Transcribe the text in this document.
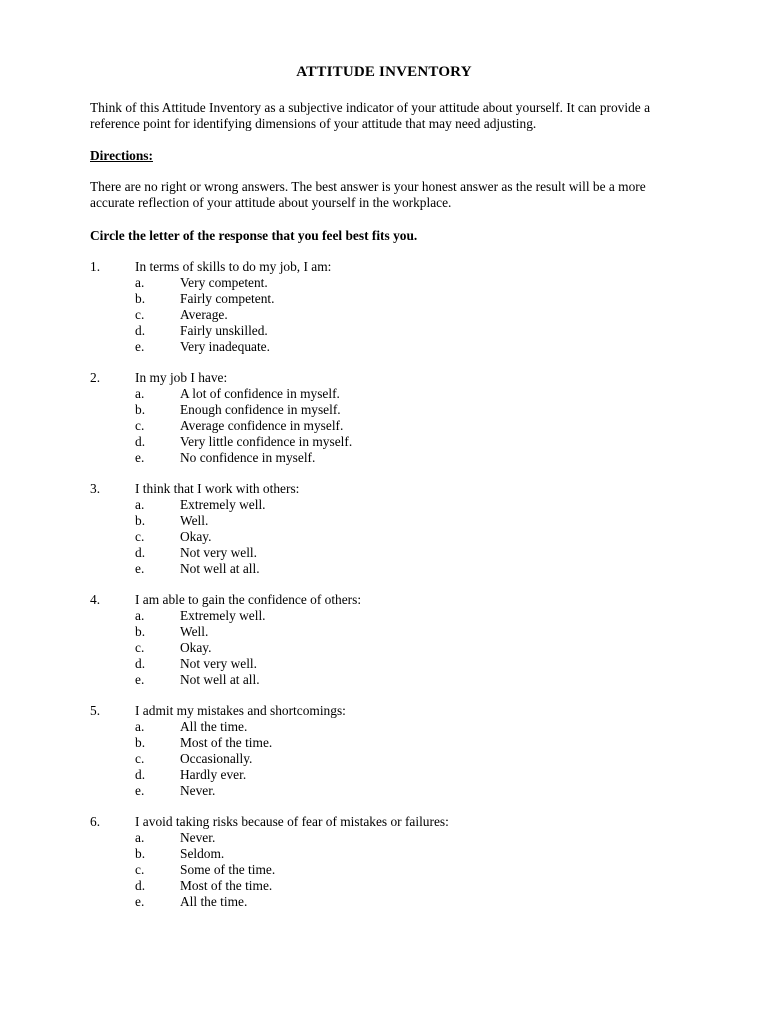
ATTITUDE INVENTORY
Think of this Attitude Inventory as a subjective indicator of your attitude about yourself. It can provide a reference point for identifying dimensions of your attitude that may need adjusting.
Directions:
There are no right or wrong answers. The best answer is your honest answer as the result will be a more accurate reflection of your attitude about yourself in the workplace.
Circle the letter of the response that you feel best fits you.
1.	In terms of skills to do my job, I am:
a.	Very competent.
b.	Fairly competent.
c.	Average.
d.	Fairly unskilled.
e.	Very inadequate.
2.	In my job I have:
a.	A lot of confidence in myself.
b.	Enough confidence in myself.
c.	Average confidence in myself.
d.	Very little confidence in myself.
e.	No confidence in myself.
3.	I think that I work with others:
a.	Extremely well.
b.	Well.
c.	Okay.
d.	Not very well.
e.	Not well at all.
4.	I am able to gain the confidence of others:
a.	Extremely well.
b.	Well.
c.	Okay.
d.	Not very well.
e.	Not well at all.
5.	I admit my mistakes and shortcomings:
a.	All the time.
b.	Most of the time.
c.	Occasionally.
d.	Hardly ever.
e.	Never.
6.	I avoid taking risks because of fear of mistakes or failures:
a.	Never.
b.	Seldom.
c.	Some of the time.
d.	Most of the time.
e.	All the time.
